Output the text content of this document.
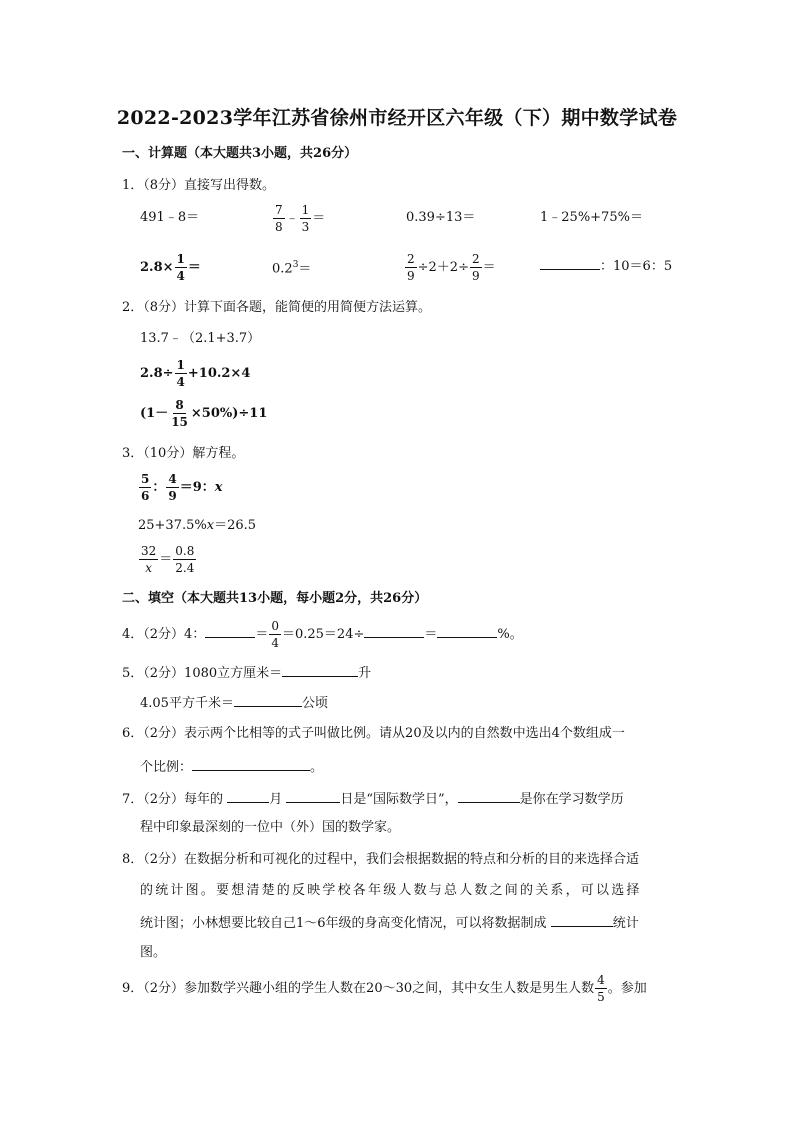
2022-2023学年江苏省徐州市经开区六年级（下）期中数学试卷
一、计算题（本大题共3小题，共26分）
1．（8分）直接写出得数。
491﹣8＝	$\frac{7}{8}$ ﹣ $\frac{1}{3}$ ＝	0.39÷13＝	1﹣25%+75%＝
$2.8\times \frac{1}{4}$ ＝	$0.2^3=$	$\frac{2}{9} \div 2+2\div \frac{2}{9}$ ＝	：10＝6：5
2．（8分）计算下面各题，能简便的用简便方法运算。
13.7﹣（2.1+3.7）
$2.8\div \frac{1}{4} +10.2\times 4$
$(1- \frac{8}{15} \times 50\%)\div 11$
3．（10分）解方程。
$\frac{5}{6}$ ： $\frac{4}{9} =9$：x
25+37.5%x＝26.5
$\frac{32}{x} = \frac{0.8}{2.4}$
二、填空（本大题共13小题，每小题2分，共26分）
4．（2分）4：	＝ $\frac{0}{4} =0.25=24\div$	＝	%。
5．（2分）1080立方厘米＝	升
4.05平方千米＝	公顷
6．（2分）表示两个比相等的式子叫做比例。请从20及以内的自然数中选出4个数组成一
个比例：	。
7．（2分）每年的	月	日是“国际数学日”，	是你在学习数学历
程中印象最深刻的一位中（外）国的数学家。
8．（2分）在数据分析和可视化的过程中，我们会根据数据的特点和分析的目的来选择合适
的统计图。要想清楚的反映学校各年级人数与总人数之间的关系，可以选择
统计图；小林想要比较自己1～6年级的身高变化情况，可以将数据制成	统计
图。
9．（2分）参加数学兴趣小组的学生人数在20～30之间，其中女生人数是男生人数 $\frac{4}{5}$ 。参加
